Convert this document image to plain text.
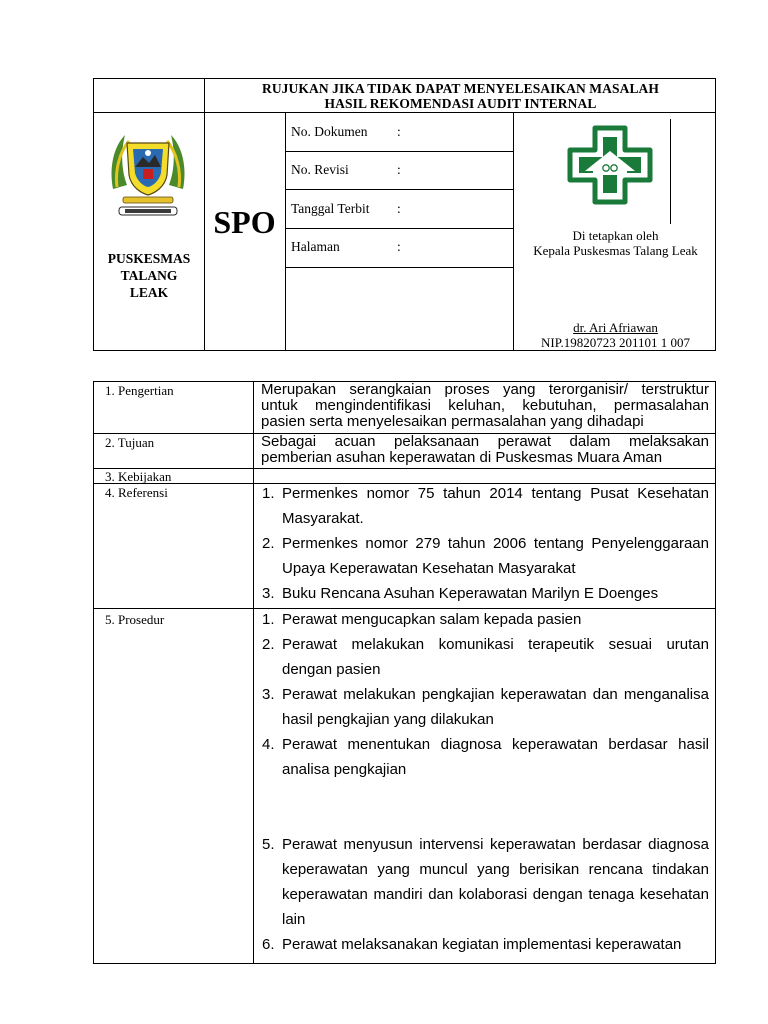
RUJUKAN JIKA TIDAK DAPAT MENYELESAIKAN MASALAH
HASIL REKOMENDASI AUDIT INTERNAL
SPO
PUSKESMAS
TALANG
LEAK
No. Dokumen :
No. Revisi	:
Tanggal Terbit :
Halaman	:
Di tetapkan oleh
Kepala Puskesmas Talang Leak
dr. Ari Afriawan
NIP.19820723 201101 1 007
1. Pengertian	Merupakan serangkaian proses yang terorganisir/ terstruktur
untuk mengindentifikasi keluhan, kebutuhan, permasalahan
pasien serta menyelesaikan permasalahan yang dihadapi
2. Tujuan	Sebagai acuan pelaksanaan perawat dalam melaksakan
pemberian asuhan keperawatan di Puskesmas Muara Aman
3. Kebijakan
4. Referensi	1. Permenkes nomor 75 tahun 2014 tentang Pusat Kesehatan Masyarakat.
2. Permenkes nomor 279 tahun 2006 tentang Penyelenggaraan Upaya Keperawatan Kesehatan Masyarakat
3. Buku Rencana Asuhan Keperawatan Marilyn E Doenges
5. Prosedur	1. Perawat mengucapkan salam kepada pasien
2. Perawat melakukan komunikasi terapeutik sesuai urutan dengan pasien
3. Perawat melakukan pengkajian keperawatan dan menganalisa hasil pengkajian yang dilakukan
4. Perawat menentukan diagnosa keperawatan berdasar hasil analisa pengkajian
5. Perawat menyusun intervensi keperawatan berdasar diagnosa keperawatan yang muncul yang berisikan rencana tindakan keperawatan mandiri dan kolaborasi dengan tenaga kesehatan lain
6. Perawat melaksanakan kegiatan implementasi keperawatan
